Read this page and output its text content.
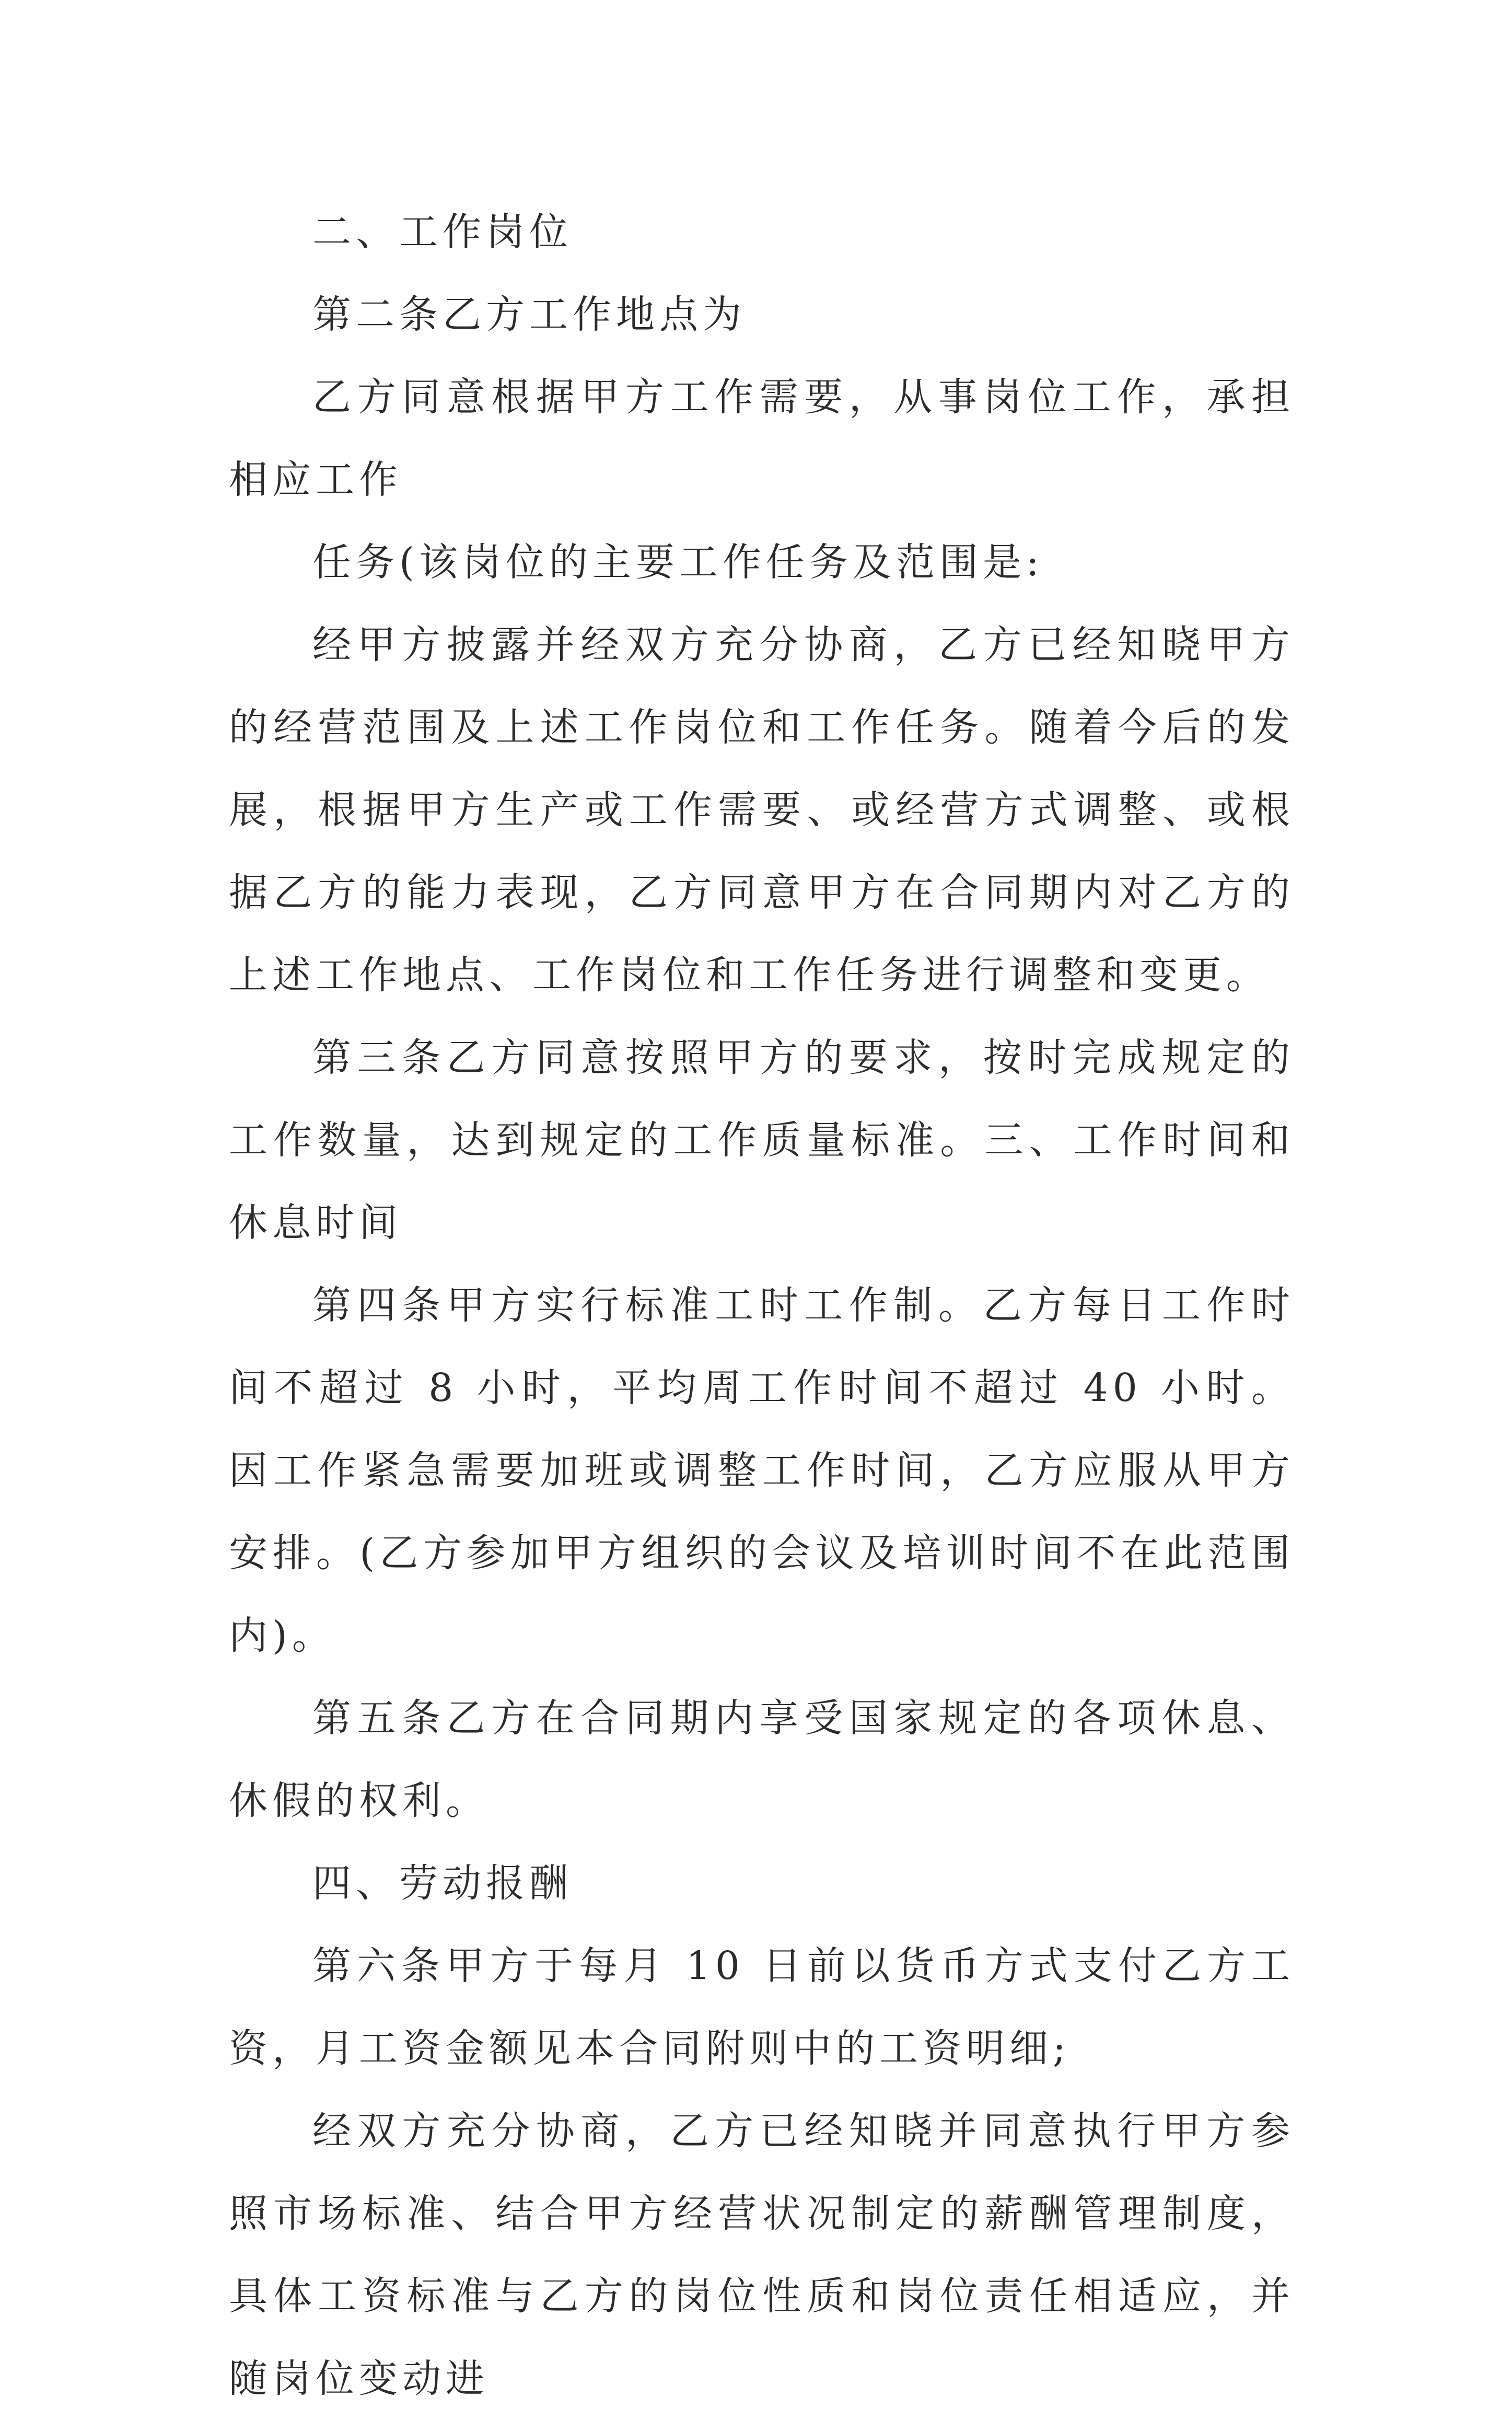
二、工作岗位

第二条乙方工作地点为

乙方同意根据甲方工作需要，从事岗位工作，承担相应工作

任务(该岗位的主要工作任务及范围是:

经甲方披露并经双方充分协商，乙方已经知晓甲方的经营范围及上述工作岗位和工作任务。随着今后的发展，根据甲方生产或工作需要、或经营方式调整、或根据乙方的能力表现，乙方同意甲方在合同期内对乙方的上述工作地点、工作岗位和工作任务进行调整和变更。

第三条乙方同意按照甲方的要求，按时完成规定的工作数量，达到规定的工作质量标准。三、工作时间和休息时间

第四条甲方实行标准工时工作制。乙方每日工作时间不超过 8 小时，平均周工作时间不超过 40 小时。因工作紧急需要加班或调整工作时间，乙方应服从甲方安排。(乙方参加甲方组织的会议及培训时间不在此范围内)。

第五条乙方在合同期内享受国家规定的各项休息、休假的权利。

四、劳动报酬

第六条甲方于每月 10 日前以货币方式支付乙方工资，月工资金额见本合同附则中的工资明细;

经双方充分协商，乙方已经知晓并同意执行甲方参照市场标准、结合甲方经营状况制定的薪酬管理制度，具体工资标准与乙方的岗位性质和岗位责任相适应，并随岗位变动进
